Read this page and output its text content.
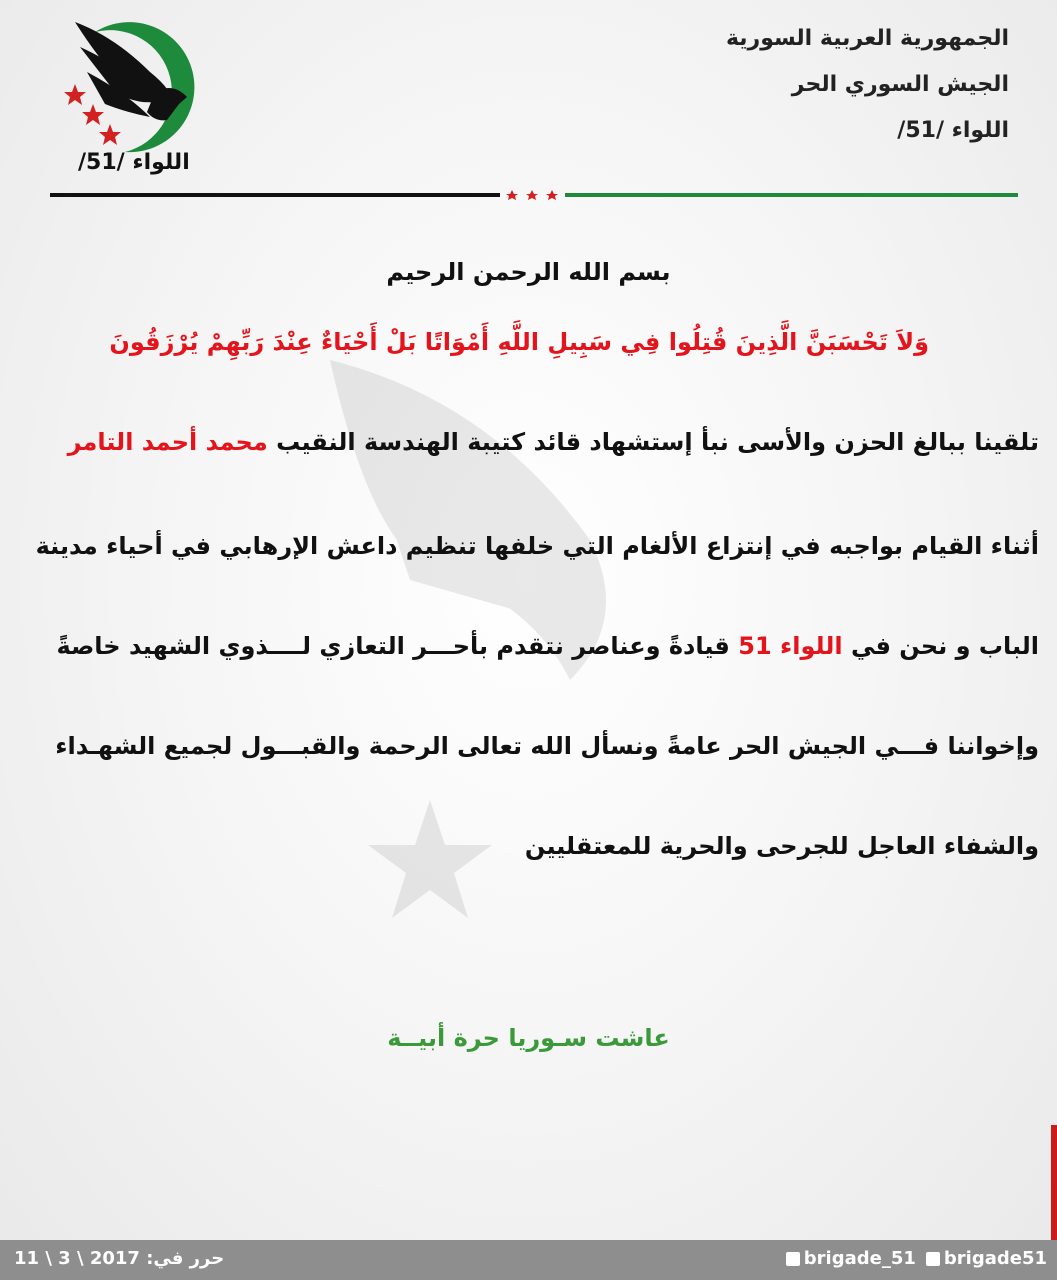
الجمهورية العربية السورية
الجيش السوري الحر
اللواء /51/
اللواء /51/
بسم الله الرحمن الرحيم
وَلاَ تَحْسَبَنَّ الَّذِينَ قُتِلُوا فِي سَبِيلِ اللَّهِ أَمْوَاتًا بَلْ أَحْيَاءٌ عِنْدَ رَبِّهِمْ يُرْزَقُونَ
تلقينا ببالغ الحزن والأسى نبأ إستشهاد قائد كتيبة الهندسة النقيب محمد أحمد التامر
أثناء القيام بواجبه في إنتزاع الألغام التي خلفها تنظيم داعش الإرهابي في أحياء مدينة
الباب و نحن في اللواء 51 قيادةً وعناصر نتقدم بأحـــر التعازي لــــذوي الشهيد خاصةً
وإخواننا فـــي الجيش الحر عامةً ونسأل الله تعالى الرحمة والقبـــول لجميع الشهـداء
والشفاء العاجل للجرحى والحرية للمعتقليين
عاشت سـوريا حرة أبيــة
حرر في: 2017 \ 3 \ 11	brigade_51 brigade51
